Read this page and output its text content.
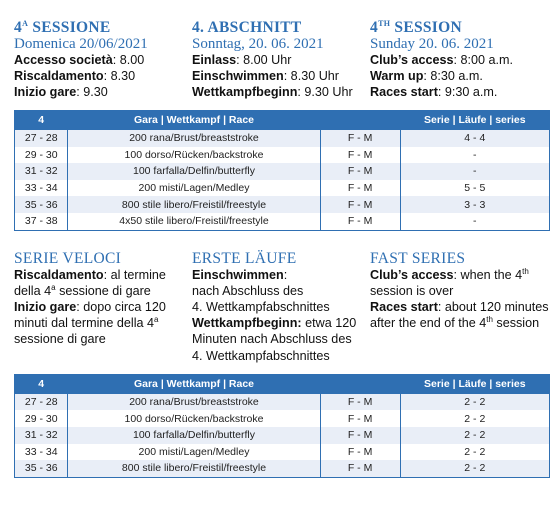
$4^A$ SESSIONE
Domenica 20/06/2021
Accesso società: 8.00
Riscaldamento: 8.30
Inizio gare: 9.30
4. ABSCHNITT
Sonntag, 20. 06. 2021
Einlass: 8.00 Uhr
Einschwimmen: 8.30 Uhr
Wettkampfbeginn: 9.30 Uhr
4TH SESSION
Sunday 20. 06. 2021
Club’s access: 8:00 a.m.
Warm up: 8:30 a.m.
Races start: 9:30 a.m.
4	Gara | Wettkampf | Race		Serie | Läufe | series
27 - 28	200 rana/Brust/breaststroke	F - M	4 - 4
29 - 30	100 dorso/Rücken/backstroke	F - M	-
31 - 32	100 farfalla/Delfin/butterfly	F - M	-
33 - 34	200 misti/Lagen/Medley	F - M	5 - 5
35 - 36	800 stile libero/Freistil/freestyle	F - M	3 - 3
37 - 38	4x50 stile libero/Freistil/freestyle	F - M	-
SERIE VELOCI
Riscaldamento: al termine
della 4$^a$ sessione di gare
Inizio gare: dopo circa 120
minuti dal termine della 4$^a$
sessione di gare
ERSTE LÄUFE
Einschwimmen:
nach Abschluss des
4. Wettkampfabschnittes
Wettkampfbeginn: etwa 120
Minuten nach Abschluss des
4. Wettkampfabschnittes
FAST SERIES
Club’s access: when the 4th
session is over
Races start: about 120 minutes
after the end of the 4th session
4	Gara | Wettkampf | Race		Serie | Läufe | series
27 - 28	200 rana/Brust/breaststroke	F - M	2 - 2
29 - 30	100 dorso/Rücken/backstroke	F - M	2 - 2
31 - 32	100 farfalla/Delfin/butterfly	F - M	2 - 2
33 - 34	200 misti/Lagen/Medley	F - M	2 - 2
35 - 36	800 stile libero/Freistil/freestyle	F - M	2 - 2
